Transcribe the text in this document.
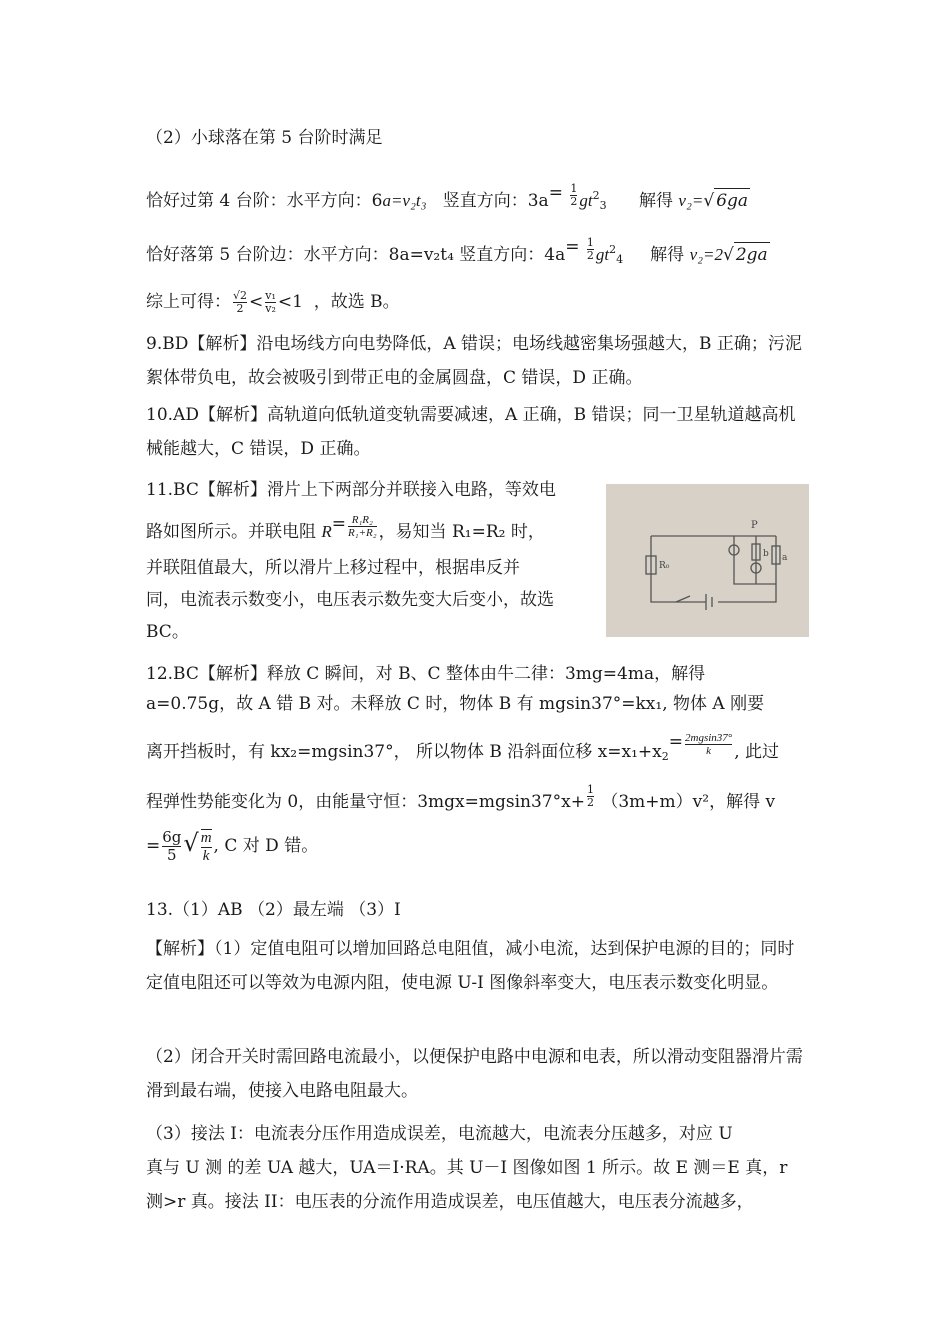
（2）小球落在第 5 台阶时满足
恰好过第 4 台阶：水平方向：6a=v₂t₃ 竖直方向：$3a= \frac{1}{2} gt^2_3$ 解得 v₂=√ 6ga
恰好落第 5 台阶边：水平方向：8a=v₂t₄ 竖直方向：$4a= \frac{1}{2} gt^2_4$ 解得 v₂=2√ 2ga
综上可得： $\frac{√2}{2} < \frac{\text{v₁}}{\text{v₂}} <1$ ，故选 B。
9.BD【解析】沿电场线方向电势降低，A 错误；电场线越密集场强越大，B 正确；污泥絮体带负电，故会被吸引到带正电的金属圆盘，C 错误，D 正确。
10.AD【解析】高轨道向低轨道变轨需要减速，A 正确，B 错误；同一卫星轨道越高机械能越大，C 错误，D 正确。
11.BC【解析】滑片上下两部分并联接入电路，等效电
路如图所示。并联电阻 $R= \frac{\text{R₁R₂}}{\text{R₁+R₂}}$ ，易知当 R₁=R₂ 时，
并联阻值最大，所以滑片上移过程中，根据串反并
同，电流表示数变小，电压表示数先变大后变小，故选
BC。
P
R₀
b a
12.BC【解析】释放 C 瞬间，对 B、C 整体由牛二律：3mg=4ma，解得
a=0.75g，故 A 错 B 对。未释放 C 时，物体 B 有 mgsin37°=kx₁, 物体 A 刚要
离开挡板时，有 kx₂=mgsin37°， 所以物体 B 沿斜面位移 $x=x_1+x_2= \frac{2mgsin37^\circ}{k}$ , 此过
程弹性势能变化为 0，由能量守恒：$3mgx=mgsin37^\circ x+ \frac{1}{2} (3m+m)v^2$，解得 v
= $\frac{6g}{5}$ √ $\frac{m}{k}$ , C 对 D 错。
13.（1）AB （2）最左端 （3）I
【解析】（1）定值电阻可以增加回路总电阻值，减小电流，达到保护电源的目的；同时定值电阻还可以等效为电源内阻，使电源 U-I 图像斜率变大，电压表示数变化明显。
（2）闭合开关时需回路电流最小，以便保护电路中电源和电表，所以滑动变阻器滑片需滑到最右端，使接入电路电阻最大。
（3）接法 I：电流表分压作用造成误差，电流越大，电流表分压越多，对应 U
真与 U 测 的差 UA 越大，UA＝I·RA。其 U－I 图像如图 1 所示。故 E 测＝E 真，r
测>r 真。接法 II：电压表的分流作用造成误差，电压值越大，电压表分流越多，
